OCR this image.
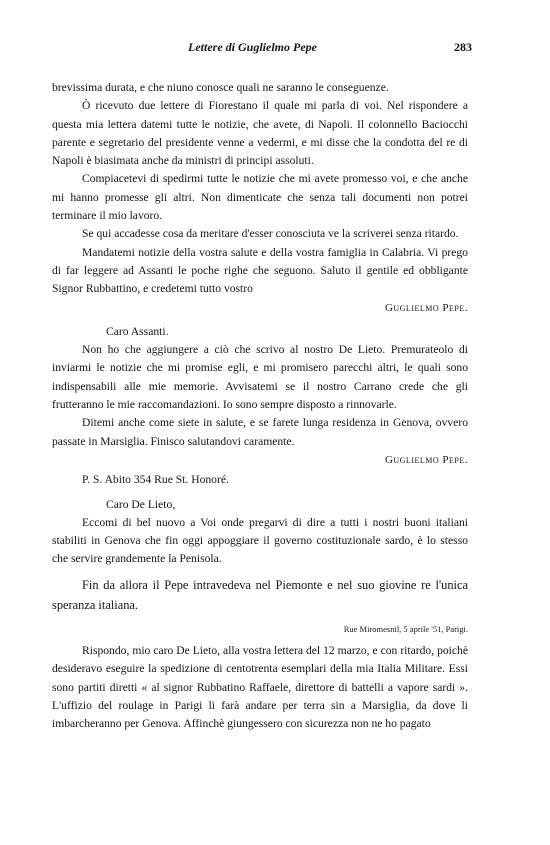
Lettere di Guglielmo Pepe	283

brevissima durata, e che niuno conosce quali ne saranno le conseguenze.

Ò ricevuto due lettere di Fiorestano il quale mi parla di voi. Nel rispondere a questa mia lettera datemi tutte le notizie, che avete, di Napoli. Il colonnello Baciocchi parente e segretario del presidente venne a vedermi, e mi disse che la condotta del re di Napoli è biasimata anche da ministri di principi assoluti.

Compiacetevi di spedirmi tutte le notizie che mi avete promesso voi, e che anche mi hanno promesse gli altri. Non dimenticate che senza tali documenti non potrei terminare il mio lavoro.

Se qui accadesse cosa da meritare d'esser conosciuta ve la scriverei senza ritardo.

Mandatemi notizie della vostra salute e della vostra famiglia in Calabria. Vi prego di far leggere ad Assanti le poche righe che seguono. Saluto il gentile ed obbligante Signor Rubbattino, e credetemi tutto vostro

Guglielmo Pepe.

Caro Assanti.

Non ho che aggiungere a ciò che scrivo al nostro De Lieto. Premurateolo di inviarmi le notizie che mi promise egli, e mi promisero parecchi altri, le quali sono indispensabili alle mie memorie. Avvisatemi se il nostro Carrano crede che gli frutteranno le mie raccomandazioni. Io sono sempre disposto a rinnovarle.

Ditemi anche come siete in salute, e se farete lunga residenza in Genova, ovvero passate in Marsiglia. Finisco salutandovi caramente.

Guglielmo Pepe.

P. S. Abito 354 Rue St. Honoré.

Caro De Lieto,

Eccomi di bel nuovo a Voi onde pregarvi di dire a tutti i nostri buoni italiani stabiliti in Genova che fin oggi appoggiare il governo costituzionale sardo, è lo stesso che servire grandemente la Penisola.

Fin da allora il Pepe intravedeva nel Piemonte e nel suo giovine re l'unica speranza italiana.

Rue Miromesnil, 5 aprile '51, Parigi.

Rispondo, mio caro De Lieto, alla vostra lettera del 12 marzo, e con ritardo, poichè desideravo eseguire la spedizione di centotrenta esemplari della mia Italia Militare. Essi sono partiti diretti « al signor Rubbatino Raffaele, direttore di battelli a vapore sardi ». L'uffizio del roulage in Parigi li farà andare per terra sin a Marsiglia, da dove li imbarcheranno per Genova. Affinchè giungessero con sicurezza non ne ho pagato
